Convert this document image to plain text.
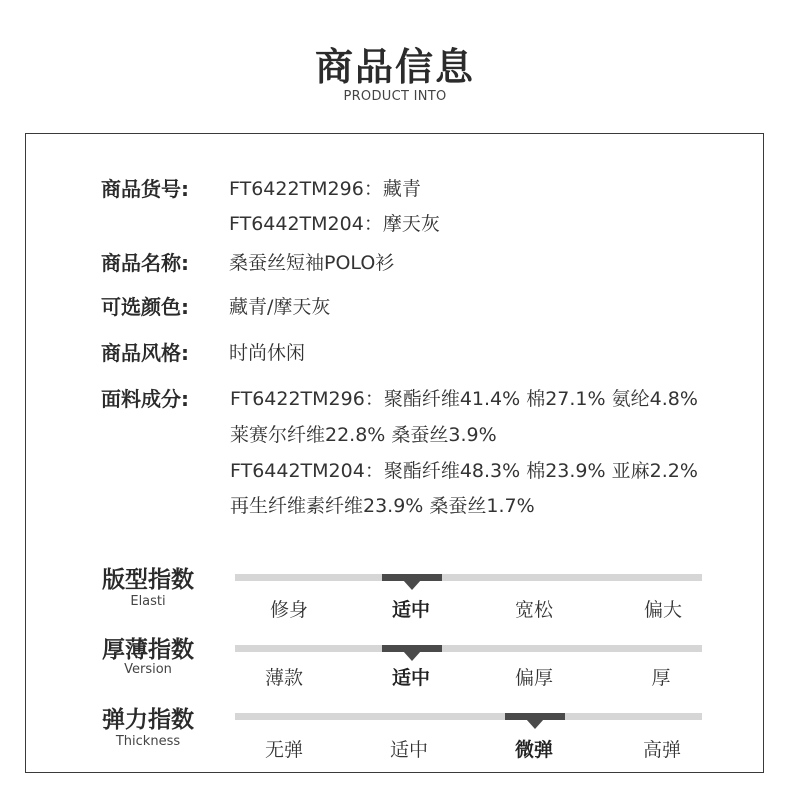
商品信息
PRODUCT INTO
商品货号: FT6422TM296：藏青
FT6442TM204：摩天灰
商品名称: 桑蚕丝短袖POLO衫
可选颜色: 藏青/摩天灰
商品风格: 时尚休闲
面料成分: FT6422TM296：聚酯纤维41.4% 棉27.1% 氨纶4.8%
莱赛尔纤维22.8% 桑蚕丝3.9%
FT6442TM204：聚酯纤维48.3% 棉23.9% 亚麻2.2%
再生纤维素纤维23.9% 桑蚕丝1.7%
版型指数
Elasti	修身	适中	宽松	偏大
厚薄指数
Version	薄款	适中	偏厚	厚
弹力指数
Thickness	无弹	适中	微弹	高弹
